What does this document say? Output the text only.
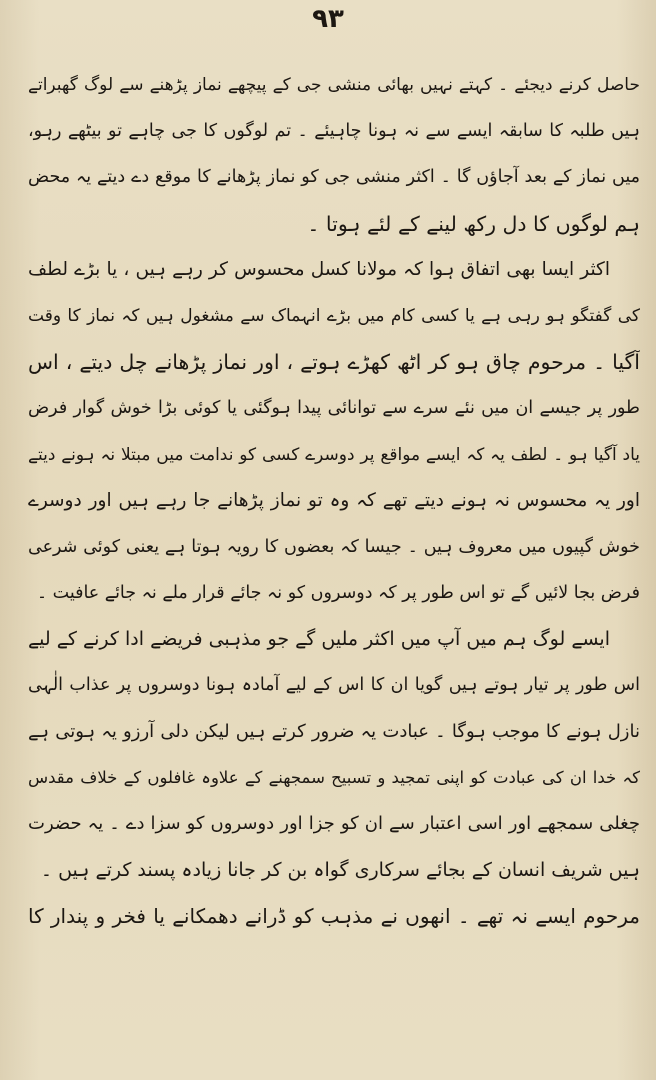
۹۳
حاصل کرنے دیجئے ۔ کہتے نہیں بھائی منشی جی کے پیچھے نماز پڑھنے سے لوگ گھبراتے
ہیں طلبہ کا سابقہ ایسے سے نہ ہونا چاہیئے ۔ تم لوگوں کا جی چاہے تو بیٹھے رہو،
میں نماز کے بعد آجاؤں گا ۔ اکثر منشی جی کو نماز پڑھانے کا موقع دے دیتے یہ محض
ہم لوگوں کا دل رکھ لینے کے لئے ہوتا ۔
اکثر ایسا بھی اتفاق ہوا کہ مولانا کسل محسوس کر رہے ہیں ، یا بڑے لطف
کی گفتگو ہو رہی ہے یا کسی کام میں بڑے انہماک سے مشغول ہیں کہ نماز کا وقت
آگیا ۔ مرحوم چاق ہو کر اٹھ کھڑے ہوتے ، اور نماز پڑھانے چل دیتے ، اس
طور پر جیسے ان میں نئے سرے سے توانائی پیدا ہوگئی یا کوئی بڑا خوش گوار فرض
یاد آگیا ہو ۔ لطف یہ کہ ایسے مواقع پر دوسرے کسی کو ندامت میں مبتلا نہ ہونے دیتے
اور یہ محسوس نہ ہونے دیتے تھے کہ وہ تو نماز پڑھانے جا رہے ہیں اور دوسرے
خوش گپیوں میں معروف ہیں ۔ جیسا کہ بعضوں کا رویہ ہوتا ہے یعنی کوئی شرعی
فرض بجا لائیں گے تو اس طور پر کہ دوسروں کو نہ جائے قرار ملے نہ جائے عافیت ۔
ایسے لوگ ہم میں آپ میں اکثر ملیں گے جو مذہبی فریضے ادا کرنے کے لیے
اس طور پر تیار ہوتے ہیں گویا ان کا اس کے لیے آمادہ ہونا دوسروں پر عذاب الٰہی
نازل ہونے کا موجب ہوگا ۔ عبادت یہ ضرور کرتے ہیں لیکن دلی آرزو یہ ہوتی ہے
کہ خدا ان کی عبادت کو اپنی تمجید و تسبیح سمجھنے کے علاوہ غافلوں کے خلاف مقدس
چغلی سمجھے اور اسی اعتبار سے ان کو جزا اور دوسروں کو سزا دے ۔ یہ حضرت
ہیں شریف انسان کے بجائے سرکاری گواہ بن کر جانا زیادہ پسند کرتے ہیں ۔
مرحوم ایسے نہ تھے ۔ انھوں نے مذہب کو ڈرانے دھمکانے یا فخر و پندار کا
